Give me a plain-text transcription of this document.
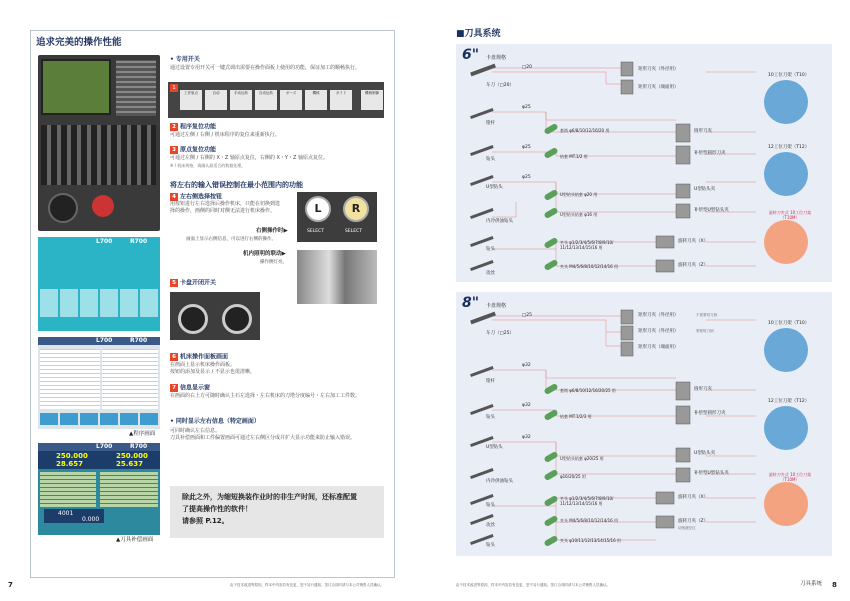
追求完美的操作性能
L700	R700
L700	R700
▲程序画面
L700	R700
250.000
28.657
250.000
25.637
4001
0.000
▲刀具补偿画面
• 专用开关
通过设置专用开关可一键式调出需要在操作面板上使用的功能，保证加工的顺畅执行。
1
工作原点	自动	手动运转	自动运转	ポーズ	機械	ガイド	機械制御
2 程序复位功能
可通过左侧 / 右侧 / 机床程序的复位来重新执行。
3 原点复位功能
可通过左侧 / 右侧的 X・Z 轴原点复位，右侧的 X・Y・Z 轴原点复位。
※ / 机床规格，请确认最适合的数据处理。
将左右的输入错误控制在最小范围内的功能
4 左右侧选择按钮
用按钮进行左右选择后操作机床，只能在切换到选
择的操作，画侧的同时对侧无法进行机床操作。	L	R
SELECT	SELECT
右侧操作时▶
画面上显示右侧信息，可以进行右侧的操作。
机内照明的联动▶
操作侧灯亮。
5 卡盘开闭开关
6 机床操作面板画面
在画面上显示机床操作面板。
按钮的添加及显示 / 不显示也很清晰。
7 信息显示窗
在画面的右上方可随时确认主石左选择・左右机床的刀塔分度编号・左右加工工件数。
• 同时显示左右信息（特定画面）
可同时确认左右信息。
刀具补偿画面和工件偏置画面可通过左右侧区分成并扩大显示功能来防止输入错误。
除此之外，为缩短换装作业时的非生产时间，还标准配置
了提高操作性的软件！
请参照 P.12。
7	由于技术改进等原因，样本中内容若有变更，恕不另行通知。签订合同时请与本公司销售人员确认。
■刀具系统
6" 卡盘规格
□20
φ25
φ25
φ25
车刀（□20）
镗杆
钻头
U型钻头
内冷供油钻头
钻头
攻丝
矩形刀夹（外径用）
矩形刀夹（端面用）
圆形刀夹
补偿型圆形刀夹
U型钻头夹
补偿型U型钻头夹
旋转刀夹（X）
旋转刀夹（Z）
套筒 φ6/8/10/12/16/20 用
钻套 MT.1/2 用
U型钻头钻套 φ20 用
U型钻头钻套 φ16 用
夹头 φ1/2/3/4/5/6/7/8/9/10/ 11/12/13/14/15/16 用
夹头 M4/5/6/8/10/12/14/16 用
10工位刀架（T10）
12工位刀架（T12）
旋转刀夹式 10工位刀架（T10M）
8" 卡盘规格
□25
φ32
φ32
φ32
车刀（□25）
镗杆
钻头
U型钻头
内冷供油钻头
钻头
攻丝
钻头
矩形刀夹（外径用）
矩形刀夹（外径用）
矩形刀夹（端面用）
不需要短刀柄
厚壁短刀柄
圆形刀夹
补偿型圆形刀夹
U型钻头夹
补偿型U型钻头夹
旋转刀夹（X）
旋转刀夹（Z）
切削液经过
套筒 φ6/8/10/12/16/20/25 用
钻套 MT.1/2/3 用
U型钻头钻套 φ20/25 用
φ16/20/25 用
夹头 φ1/2/3/4/5/6/7/8/9/10/ 11/12/13/14/15/16 用
夹头 M4/5/6/8/10/12/14/16 用
夹头 φ10/11/12/13/14/15/16 用
10工位刀架（T10）
12工位刀架（T12）
旋转刀夹式 10工位刀架（T10M）
由于技术改进等原因，样本中内容若有变更，恕不另行通知。签订合同时请与本公司销售人员确认。	刀具系统 8
